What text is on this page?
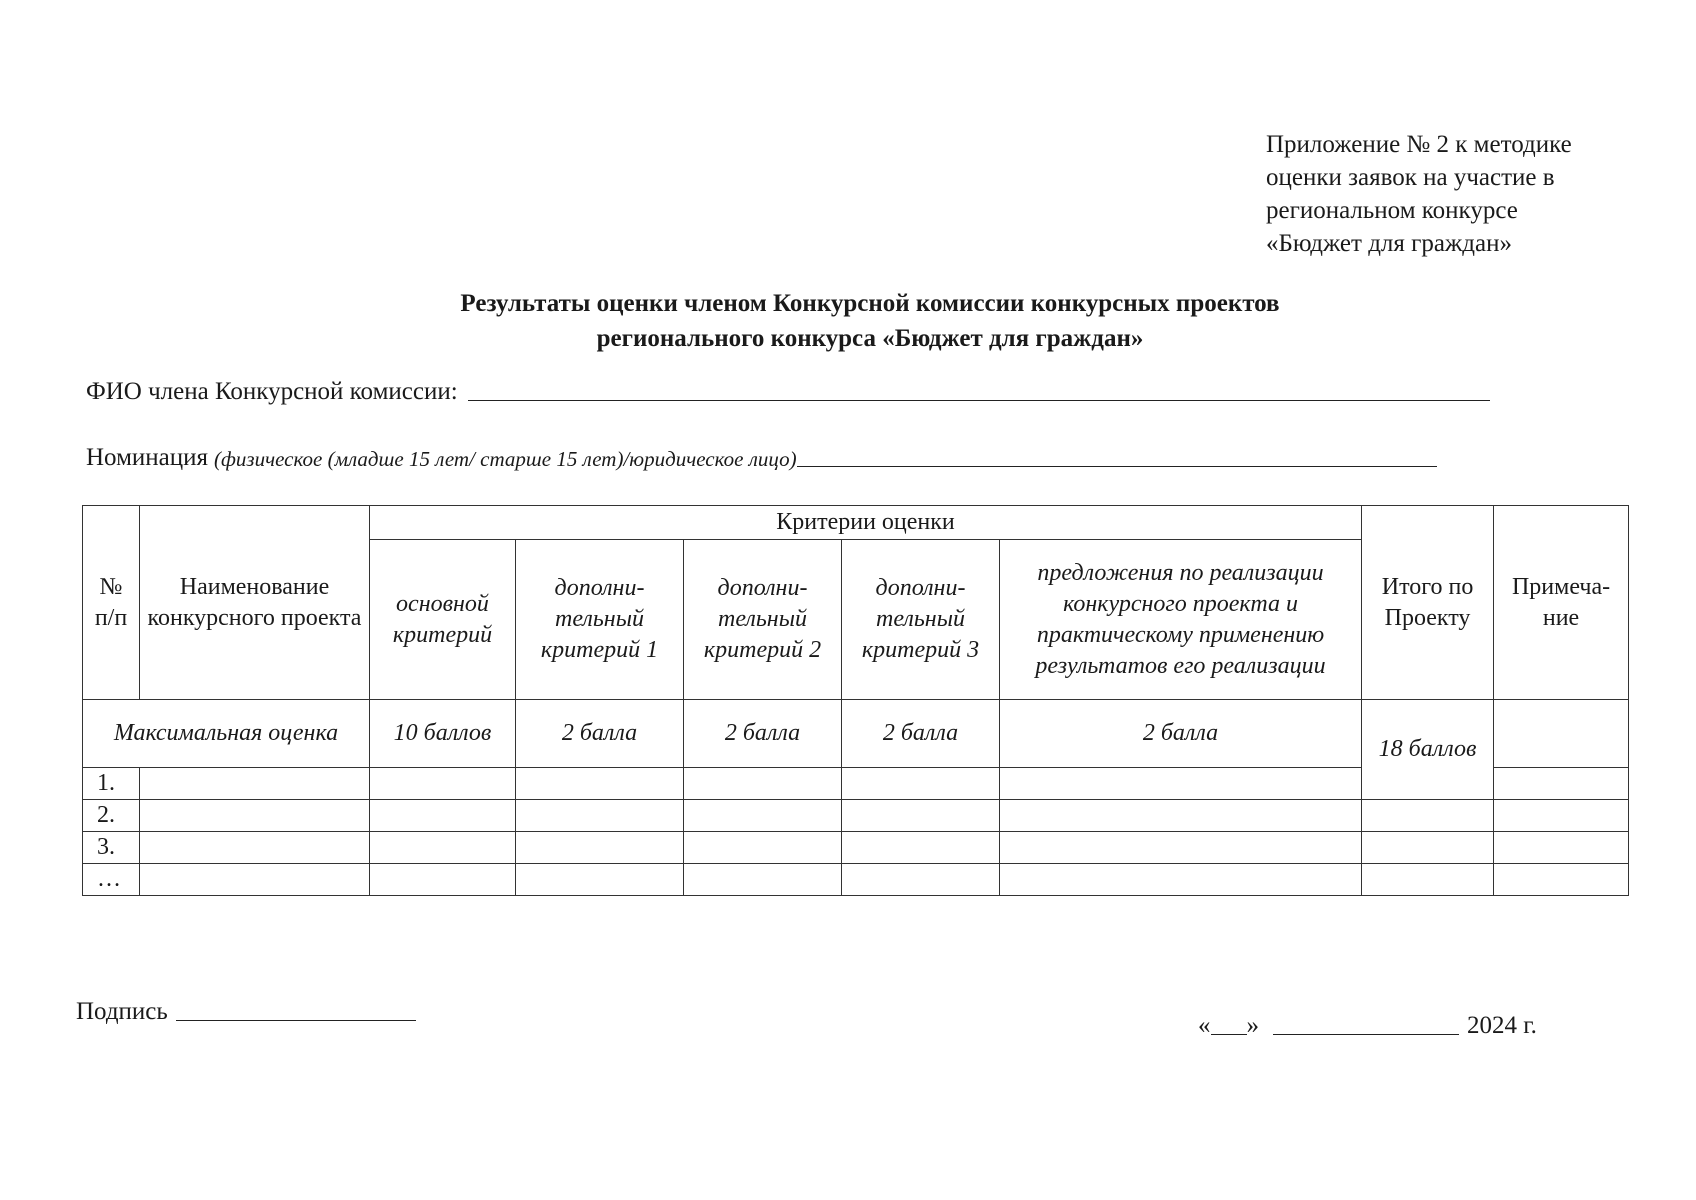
Приложение № 2 к методике
оценки заявок на участие в
региональном конкурсе
«Бюджет для граждан»
Результаты оценки членом Конкурсной комиссии конкурсных проектов
регионального конкурса «Бюджет для граждан»
ФИО члена Конкурсной комиссии:
Номинация (физическое (младше 15 лет/ старше 15 лет)/юридическое лицо)
№ п/п	Наименование конкурсного проекта	Критерии оценки					Итого по Проекту	Примеча-ние
		основной критерий	дополни-тельный критерий 1	дополни-тельный критерий 2	дополни-тельный критерий 3	предложения по реализации конкурсного проекта и практическому применению результатов его реализации		
Максимальная оценка		10 баллов	2 балла	2 балла	2 балла	2 балла	18 баллов	
1.								
2.								
3.								
…								
Подпись
« »	2024 г.
